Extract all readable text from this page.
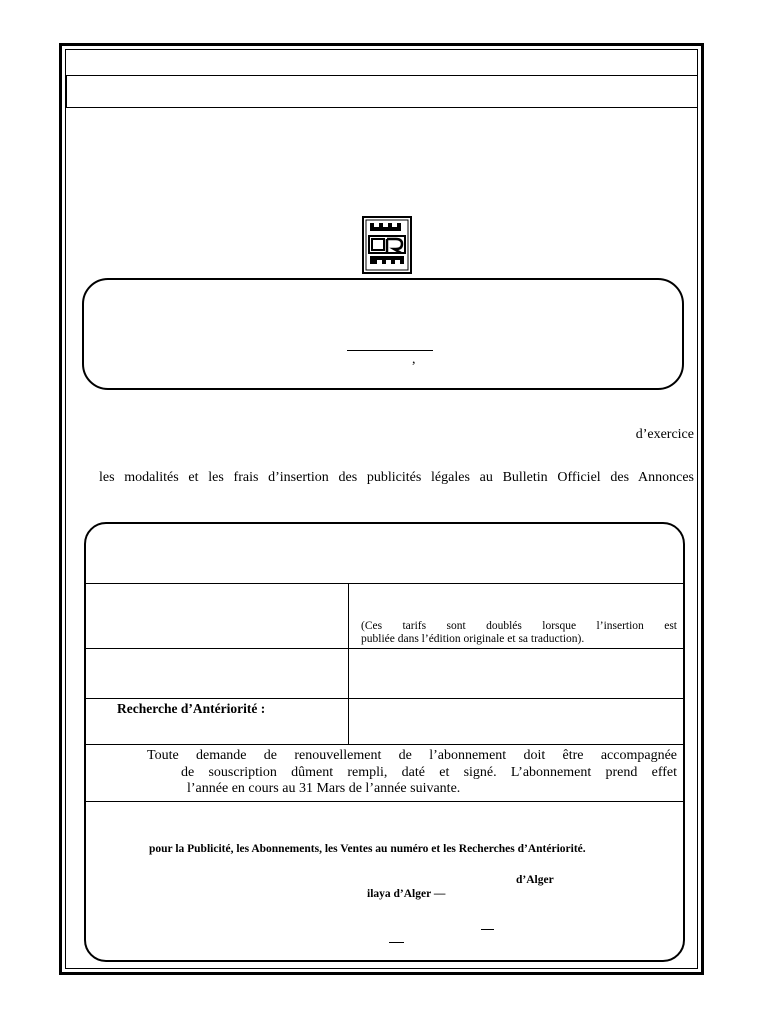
,
d’exercice
les modalités et les frais d’insertion des publicités légales au Bulletin Officiel des Annonces
(Ces tarifs sont doublés lorsque l’insertion est
publiée dans l’édition originale et sa traduction).
Recherche d’Antériorité :
Toute demande de renouvellement de l’abonnement doit être accompagnée
de souscription dûment rempli, daté et signé. L’abonnement prend effet
l’année en cours au 31 Mars de l’année suivante.
pour la Publicité, les Abonnements, les Ventes au numéro et les Recherches d’Antériorité.
d’Alger
ilaya d’Alger —
